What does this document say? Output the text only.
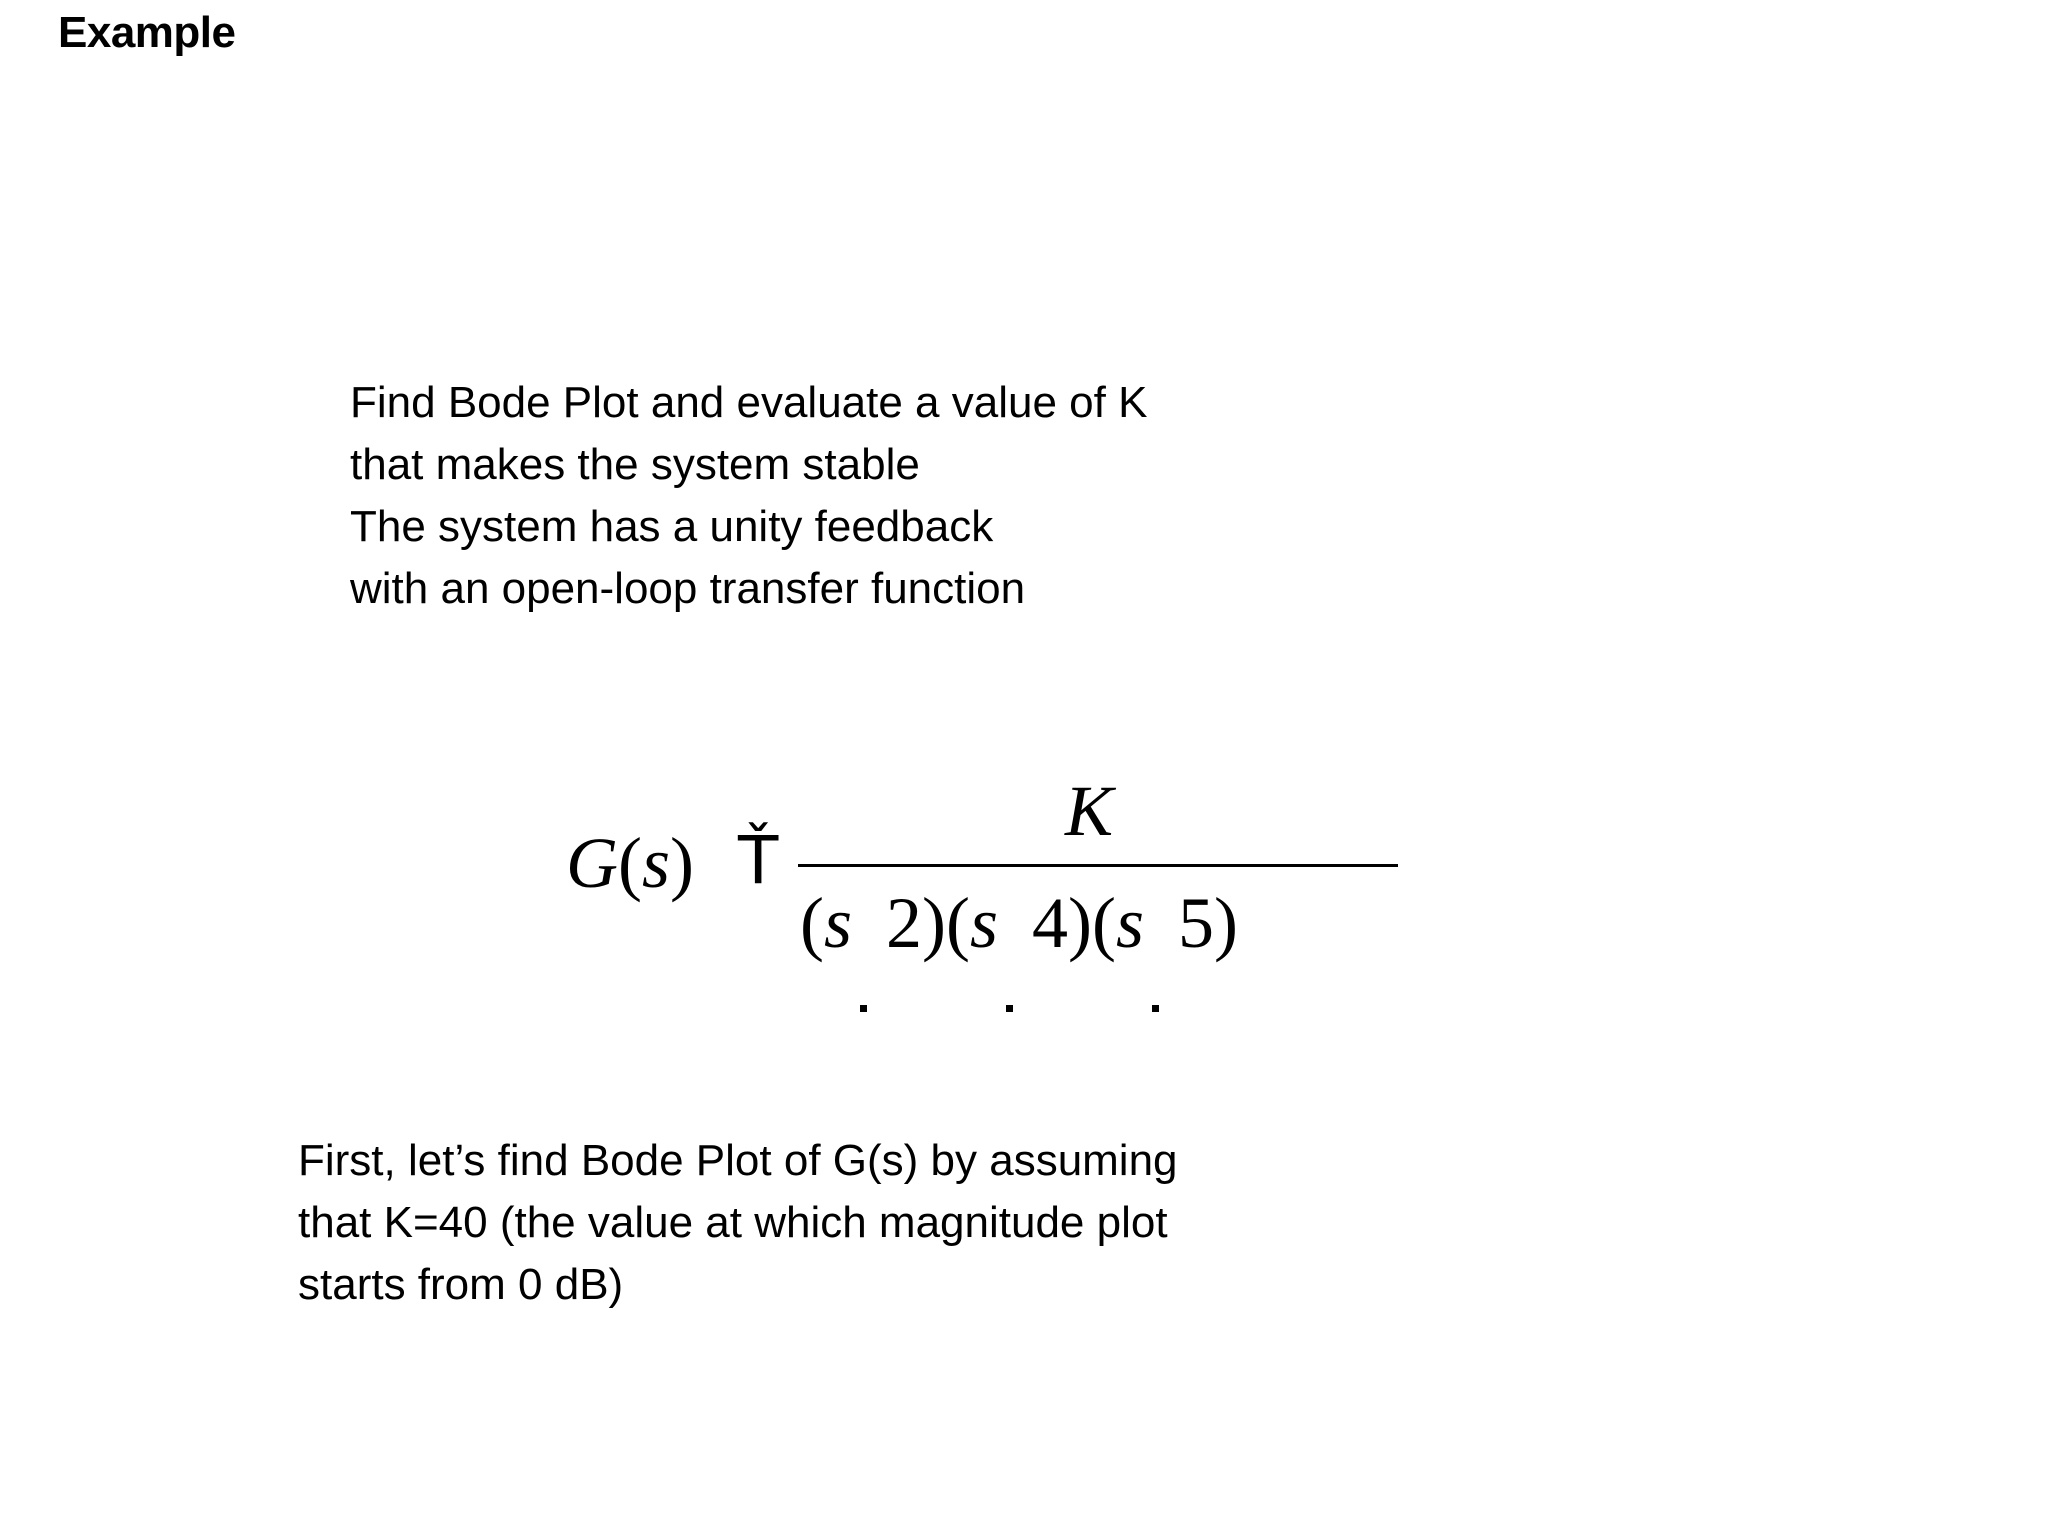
Example
Find Bode Plot and evaluate a value of K
that makes the system stable
The system has a unity feedback
with an open-loop transfer function
G(s) Ť
K
(s 2)(s 4)(s 5)
First, let’s find Bode Plot of G(s) by assuming
that K=40 (the value at which magnitude plot
starts from 0 dB)
